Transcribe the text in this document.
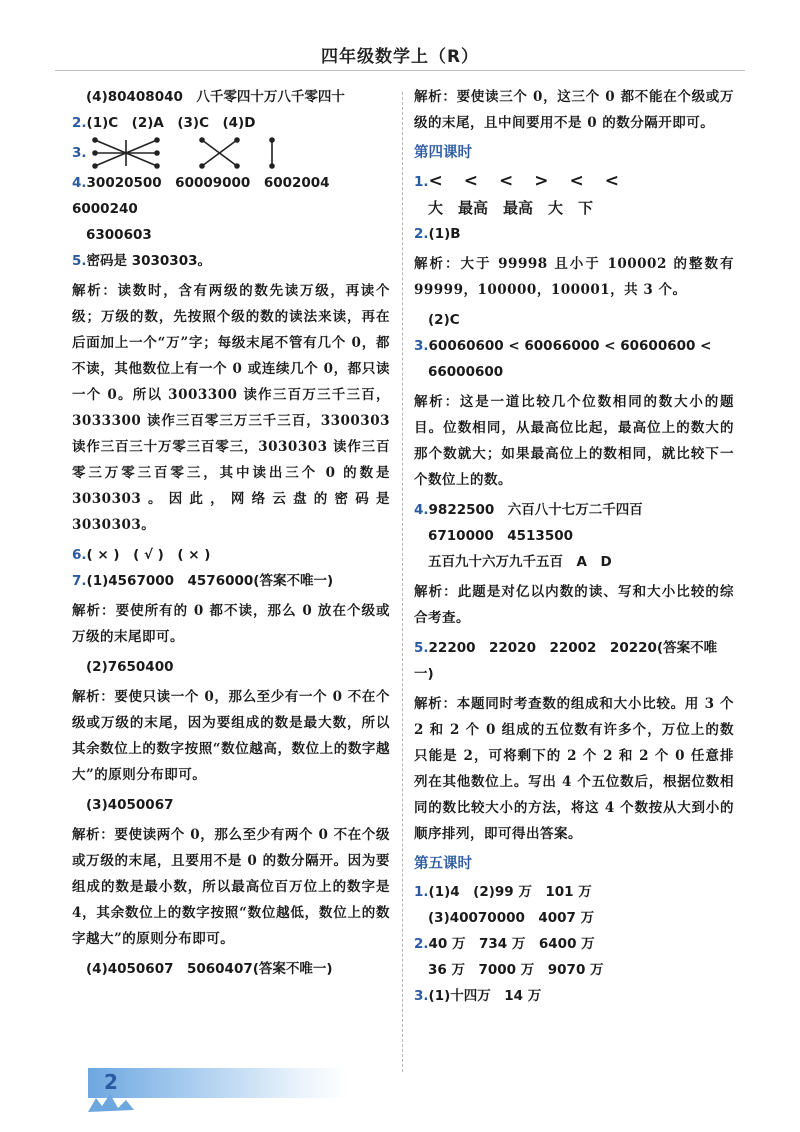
四年级数学上（R）
(4)80408040　八千零四十万八千零四十
2.(1)C　(2)A　(3)C　(4)D
3.
4.30020500　60009000　6002004　6000240
6300603
5.密码是 3030303。
解析：读数时，含有两级的数先读万级，再读个级；万级的数，先按照个级的数的读法来读，再在后面加上一个“万”字；每级末尾不管有几个 0，都不读，其他数位上有一个 0 或连续几个 0，都只读一个 0。所以 3003300 读作三百万三千三百，3033300 读作三百零三万三千三百，3300303 读作三百三十万零三百零三，3030303 读作三百零三万零三百零三，其中读出三个 0 的数是 3030303。因此，网络云盘的密码是 3030303。
6.( × )　( √ )　( × )
7.(1)4567000　4576000(答案不唯一)
解析：要使所有的 0 都不读，那么 0 放在个级或万级的末尾即可。
(2)7650400
解析：要使只读一个 0，那么至少有一个 0 不在个级或万级的末尾，因为要组成的数是最大数，所以其余数位上的数字按照“数位越高，数位上的数字越大”的原则分布即可。
(3)4050067
解析：要使读两个 0，那么至少有两个 0 不在个级或万级的末尾，且要用不是 0 的数分隔开。因为要组成的数是最小数，所以最高位百万位上的数字是 4，其余数位上的数字按照“数位越低，数位上的数字越大”的原则分布即可。
(4)4050607　5060407(答案不唯一)
解析：要使读三个 0，这三个 0 都不能在个级或万级的末尾，且中间要用不是 0 的数分隔开即可。
第四课时
1.<　<　<　>　<　<
大　最高　最高　大　下
2.(1)B
解析：大于 99998 且小于 100002 的整数有 99999，100000，100001，共 3 个。
(2)C
3.60060600 < 60066000 < 60600600 <
66000600
解析：这是一道比较几个位数相同的数大小的题目。位数相同，从最高位比起，最高位上的数大的那个数就大；如果最高位上的数相同，就比较下一个数位上的数。
4.9822500　六百八十七万二千四百
6710000　4513500
五百九十六万九千五百　A　D
解析：此题是对亿以内数的读、写和大小比较的综合考查。
5.22200　22020　22002　20220(答案不唯一)
解析：本题同时考查数的组成和大小比较。用 3 个 2 和 2 个 0 组成的五位数有许多个，万位上的数只能是 2，可将剩下的 2 个 2 和 2 个 0 任意排列在其他数位上。写出 4 个五位数后，根据位数相同的数比较大小的方法，将这 4 个数按从大到小的顺序排列，即可得出答案。
第五课时
1.(1)4　(2)99 万　101 万
(3)40070000　4007 万
2.40 万　734 万　6400 万
36 万　7000 万　9070 万
3.(1)十四万　14 万
2
